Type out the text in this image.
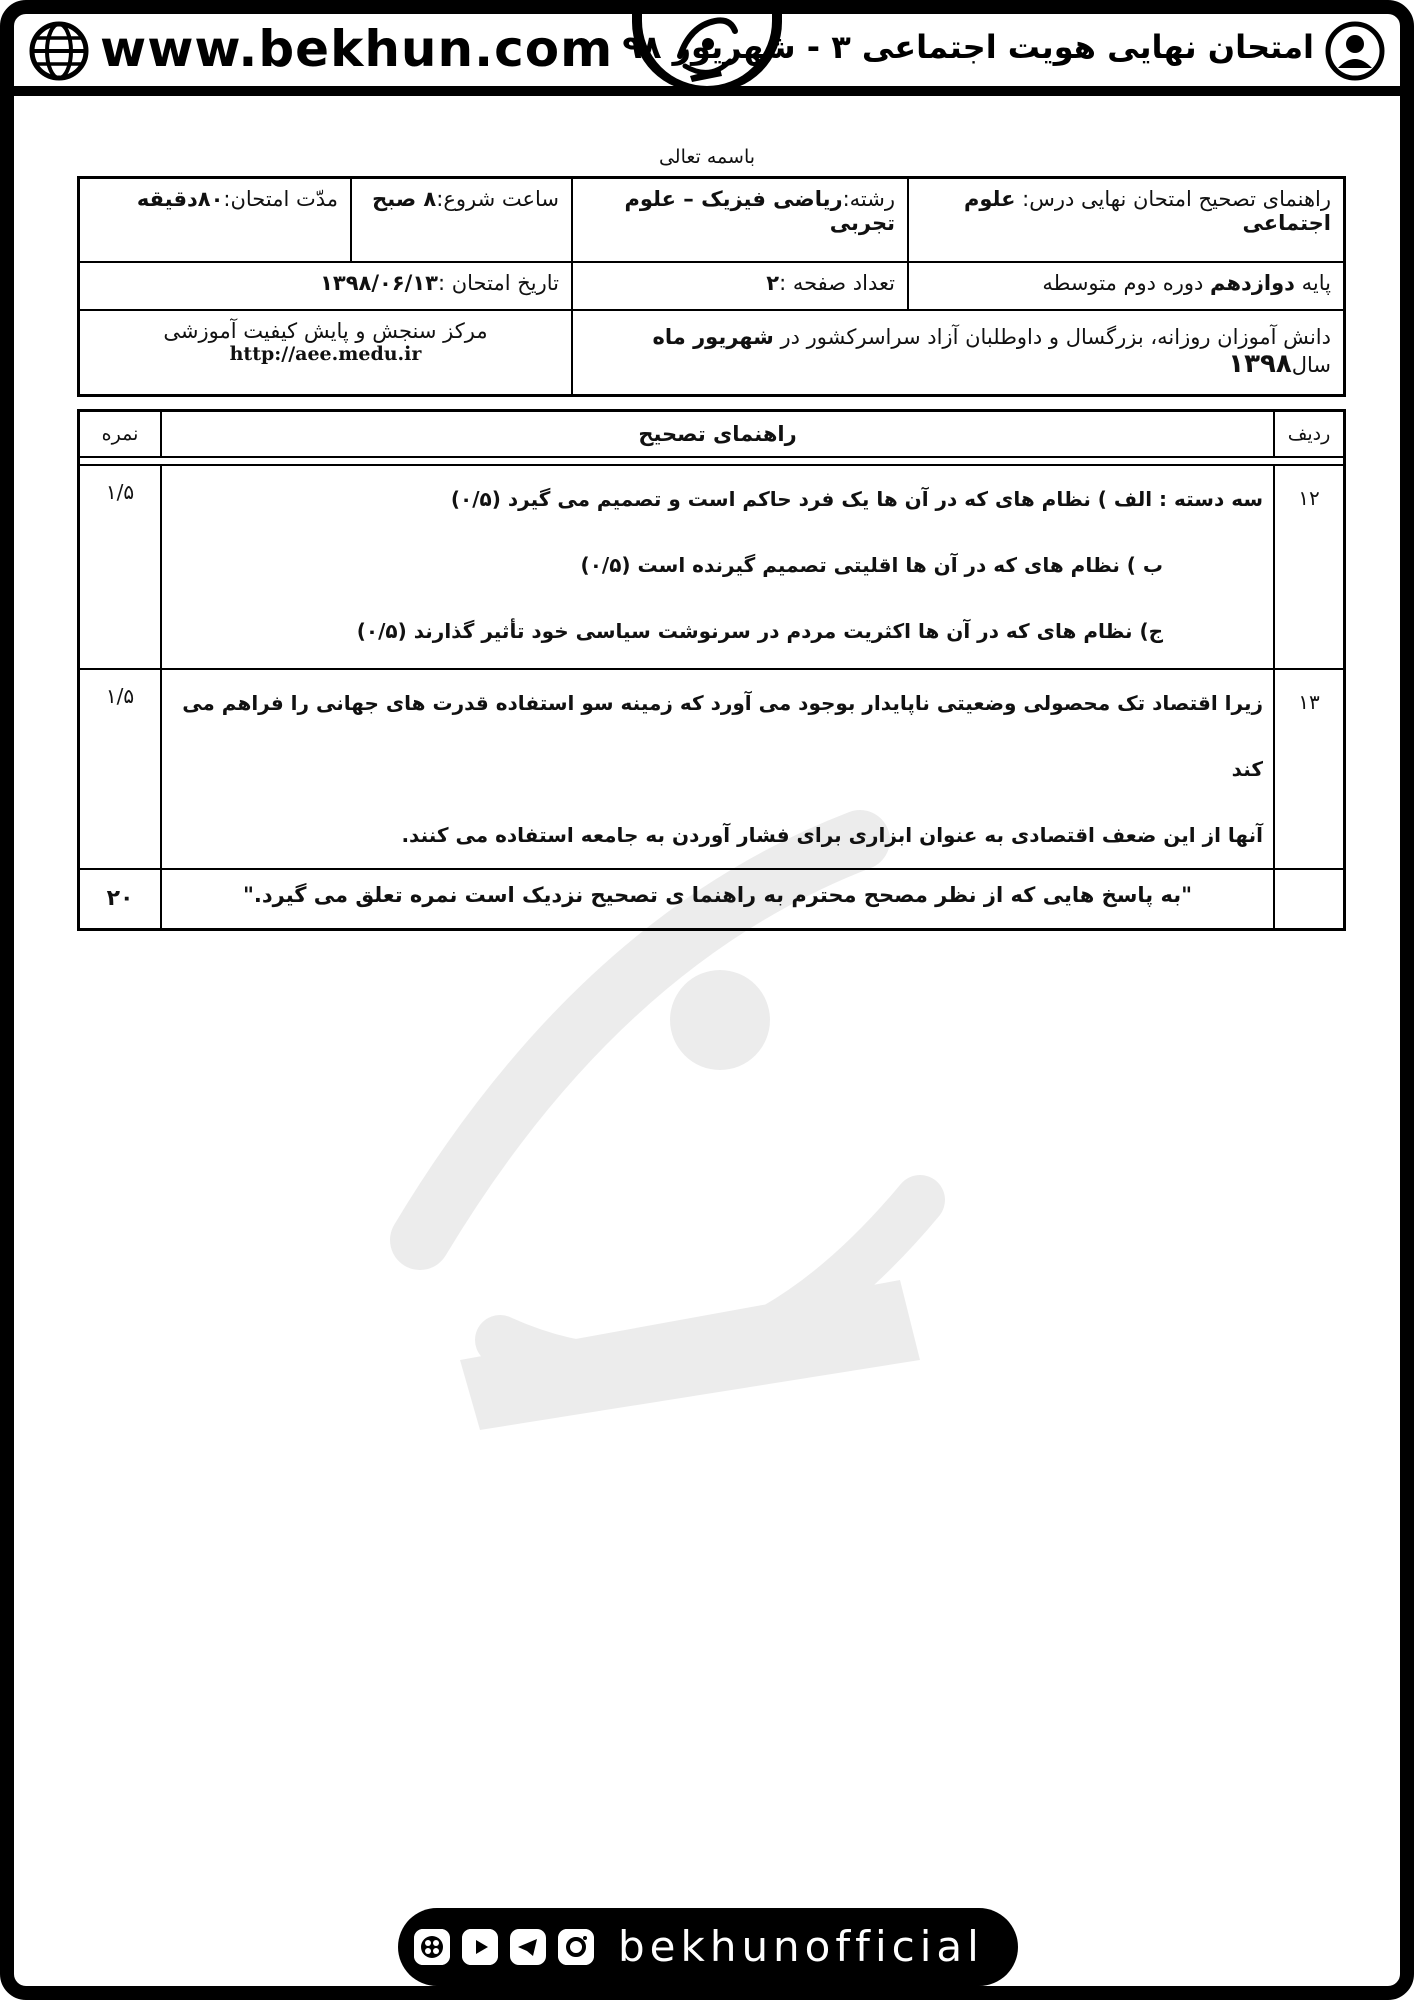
www.bekhun.com امتحان نهایی هویت اجتماعی ۳ - شهریور ۹۸
باسمه تعالی
راهنمای تصحیح امتحان نهایی درس: علوم اجتماعی	رشته:ریاضی فیزیک – علوم تجربی	ساعت شروع:۸ صبح	مدّت امتحان:۸۰دقیقه
پایه دوازدهم دوره دوم متوسطه	تعداد صفحه :۲	تاریخ امتحان :۱۳۹۸/۰۶/۱۳	
دانش آموزان روزانه، بزرگسال و داوطلبان آزاد سراسرکشور در شهریور ماه سال۱۳۹۸		مرکز سنجش و پایش کیفیت آموزشی
http://aee.medu.ir	
ردیف	راهنمای تصحیح	نمره

۱۲	سه دسته : الف ) نظام های که در آن ها یک فرد حاکم است و تصمیم می گیرد (۰/۵)
ب ) نظام های که در آن ها اقلیتی تصمیم گیرنده است (۰/۵)
ج) نظام های که در آن ها اکثریت مردم در سرنوشت سیاسی خود تأثیر گذارند (۰/۵)	۱/۵
۱۳	زیرا اقتصاد تک محصولی وضعیتی ناپایدار بوجود می آورد که زمینه سو استفاده قدرت های جهانی را فراهم می کند
آنها از این ضعف اقتصادی به عنوان ابزاری برای فشار آوردن به جامعه استفاده می کنند.	۱/۵
	"به پاسخ هایی که از نظر مصحح محترم به راهنما ی تصحیح نزدیک است نمره تعلق می گیرد."	۲۰
bekhunofficial
